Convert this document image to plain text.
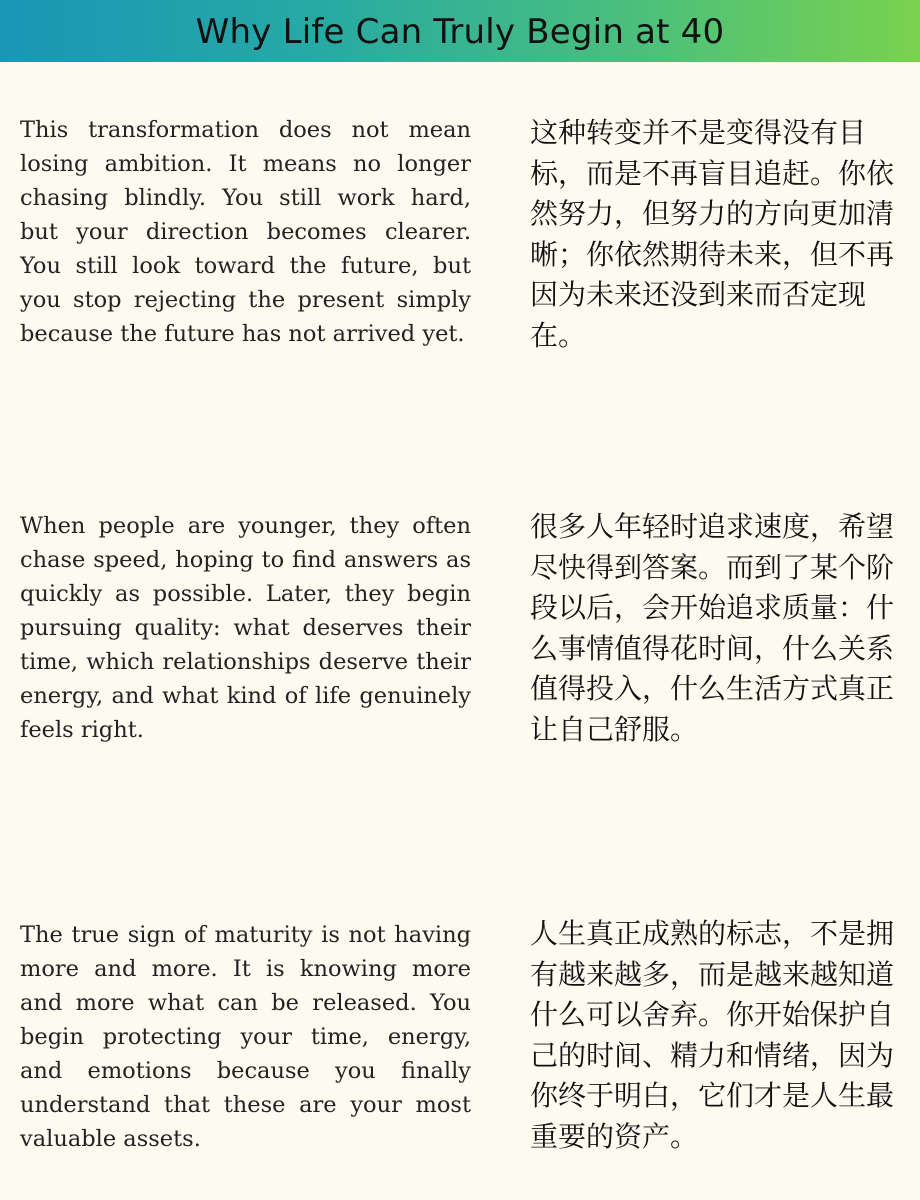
Why Life Can Truly Begin at 40

This transformation does not mean losing ambition. It means no longer chasing blindly. You still work hard, but your direction becomes clearer. You still look toward the future, but you stop rejecting the present simply because the future has not arrived yet.

这种转变并不是变得没有目标，而是不再盲目追赶。你依然努力，但努力的方向更加清晰；你依然期待未来，但不再因为未来还没到来而否定现在。

When people are younger, they often chase speed, hoping to find answers as quickly as possible. Later, they begin pursuing quality: what deserves their time, which relationships deserve their energy, and what kind of life genuinely feels right.

很多人年轻时追求速度，希望尽快得到答案。而到了某个阶段以后，会开始追求质量：什么事情值得花时间，什么关系值得投入，什么生活方式真正让自己舒服。

The true sign of maturity is not having more and more. It is knowing more and more what can be released. You begin protecting your time, energy, and emotions because you finally understand that these are your most valuable assets.

人生真正成熟的标志，不是拥有越来越多，而是越来越知道什么可以舍弃。你开始保护自己的时间、精力和情绪，因为你终于明白，它们才是人生最重要的资产。
